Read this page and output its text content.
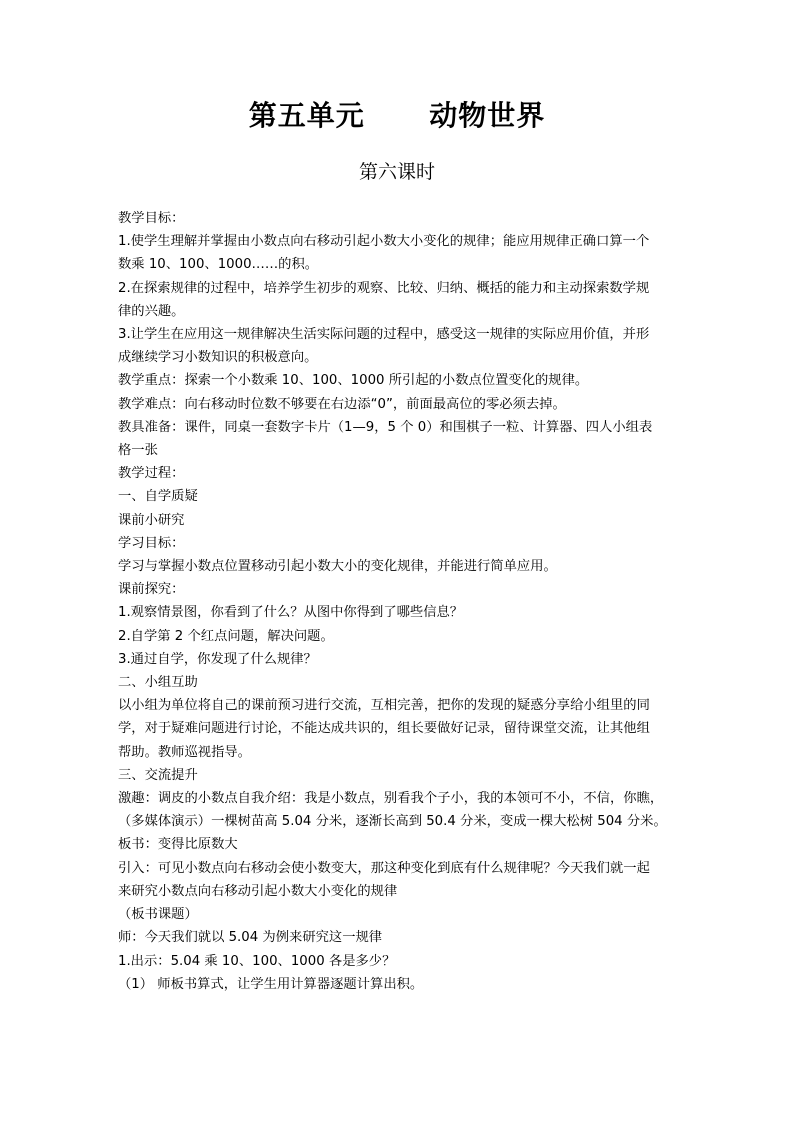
第五单元      动物世界
第六课时
教学目标：
1.使学生理解并掌握由小数点向右移动引起小数大小变化的规律；能应用规律正确口算一个
数乘 10、100、1000……的积。
2.在探索规律的过程中，培养学生初步的观察、比较、归纳、概括的能力和主动探索数学规
律的兴趣。
3.让学生在应用这一规律解决生活实际问题的过程中，感受这一规律的实际应用价值，并形
成继续学习小数知识的积极意向。
教学重点：探索一个小数乘 10、100、1000 所引起的小数点位置变化的规律。
教学难点：向右移动时位数不够要在右边添“0”，前面最高位的零必须去掉。
教具准备：课件，同桌一套数字卡片（1—9，5 个 0）和围棋子一粒、计算器、四人小组表
格一张
教学过程：
一、自学质疑
课前小研究
学习目标：
学习与掌握小数点位置移动引起小数大小的变化规律，并能进行简单应用。
课前探究：
1.观察情景图，你看到了什么？从图中你得到了哪些信息？
2.自学第 2 个红点问题，解决问题。
3.通过自学，你发现了什么规律？
二、小组互助
以小组为单位将自己的课前预习进行交流，互相完善，把你的发现的疑惑分享给小组里的同
学，对于疑难问题进行讨论，不能达成共识的，组长要做好记录，留待课堂交流，让其他组
帮助。教师巡视指导。
三、交流提升
激趣：调皮的小数点自我介绍：我是小数点，别看我个子小，我的本领可不小，不信，你瞧，
（多媒体演示）一棵树苗高 5.04 分米，逐渐长高到 50.4 分米，变成一棵大松树 504 分米。
板书：变得比原数大
引入：可见小数点向右移动会使小数变大，那这种变化到底有什么规律呢？今天我们就一起
来研究小数点向右移动引起小数大小变化的规律
（板书课题）
师：今天我们就以 5.04 为例来研究这一规律
1.出示：5.04 乘 10、100、1000 各是多少？
（1） 师板书算式，让学生用计算器逐题计算出积。
